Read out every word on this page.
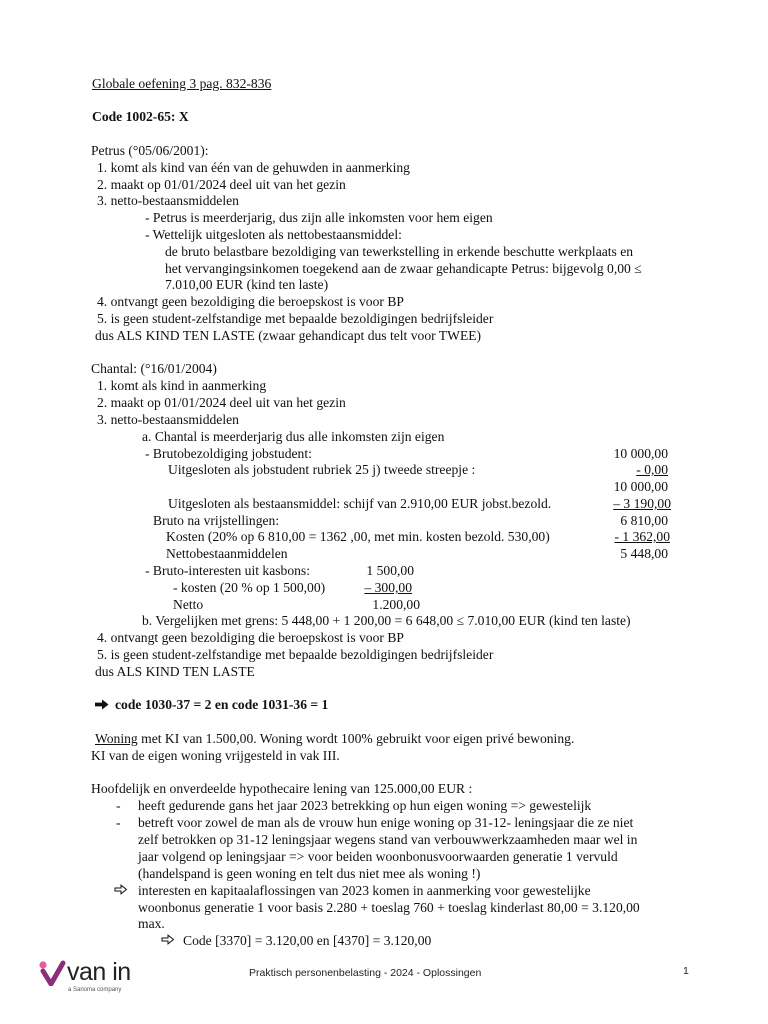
Globale oefening 3 pag. 832-836
Code 1002-65: X
Petrus (°05/06/2001):
1. komt als kind van één van de gehuwden in aanmerking
2. maakt op 01/01/2024 deel uit van het gezin
3. netto-bestaansmiddelen
- Petrus is meerderjarig, dus zijn alle inkomsten voor hem eigen
- Wettelijk uitgesloten als nettobestaansmiddel:
de bruto belastbare bezoldiging van tewerkstelling in erkende beschutte werkplaats en
het vervangingsinkomen toegekend aan de zwaar gehandicapte Petrus: bijgevolg 0,00 ≤
7.010,00 EUR (kind ten laste)
4. ontvangt geen bezoldiging die beroepskost is voor BP
5. is geen student-zelfstandige met bepaalde bezoldigingen bedrijfsleider
dus ALS KIND TEN LASTE (zwaar gehandicapt dus telt voor TWEE)
Chantal: (°16/01/2004)
1. komt als kind in aanmerking
2. maakt op 01/01/2024 deel uit van het gezin
3. netto-bestaansmiddelen
a. Chantal is meerderjarig dus alle inkomsten zijn eigen
- Brutobezoldiging jobstudent:	10 000,00
Uitgesloten als jobstudent rubriek 25 j) tweede streepje :	- 0,00
10 000,00
Uitgesloten als bestaansmiddel: schijf van 2.910,00 EUR jobst.bezold.	– 3 190,00
Bruto na vrijstellingen:	6 810,00
Kosten (20% op 6 810,00 = 1362 ,00, met min. kosten bezold. 530,00)	- 1 362,00
Nettobestaanmiddelen	5 448,00
- Bruto-interesten uit kasbons:	1 500,00
- kosten (20 % op 1 500,00)	– 300,00
Netto	1.200,00
b. Vergelijken met grens: 5 448,00 + 1 200,00 = 6 648,00 ≤ 7.010,00 EUR (kind ten laste)
4. ontvangt geen bezoldiging die beroepskost is voor BP
5. is geen student-zelfstandige met bepaalde bezoldigingen bedrijfsleider
dus ALS KIND TEN LASTE
code 1030-37 = 2 en code 1031-36 = 1
Woning met KI van 1.500,00. Woning wordt 100% gebruikt voor eigen privé bewoning.
KI van de eigen woning vrijgesteld in vak III.
Hoofdelijk en onverdeelde hypothecaire lening van 125.000,00 EUR :
- heeft gedurende gans het jaar 2023 betrekking op hun eigen woning => gewestelijk
- betreft voor zowel de man als de vrouw hun enige woning op 31-12- leningsjaar die ze niet
zelf betrokken op 31-12 leningsjaar wegens stand van verbouwwerkzaamheden maar wel in
jaar volgend op leningsjaar => voor beiden woonbonusvoorwaarden generatie 1 vervuld
(handelspand is geen woning en telt dus niet mee als woning !)
interesten en kapitaalaflossingen van 2023 komen in aanmerking voor gewestelijke
woonbonus generatie 1 voor basis 2.280 + toeslag 760 + toeslag kinderlast 80,00 = 3.120,00
max.
Code [3370] = 3.120,00 en [4370] = 3.120,00
van in
a Sanoma company
Praktisch personenbelasting - 2024 - Oplossingen	1
